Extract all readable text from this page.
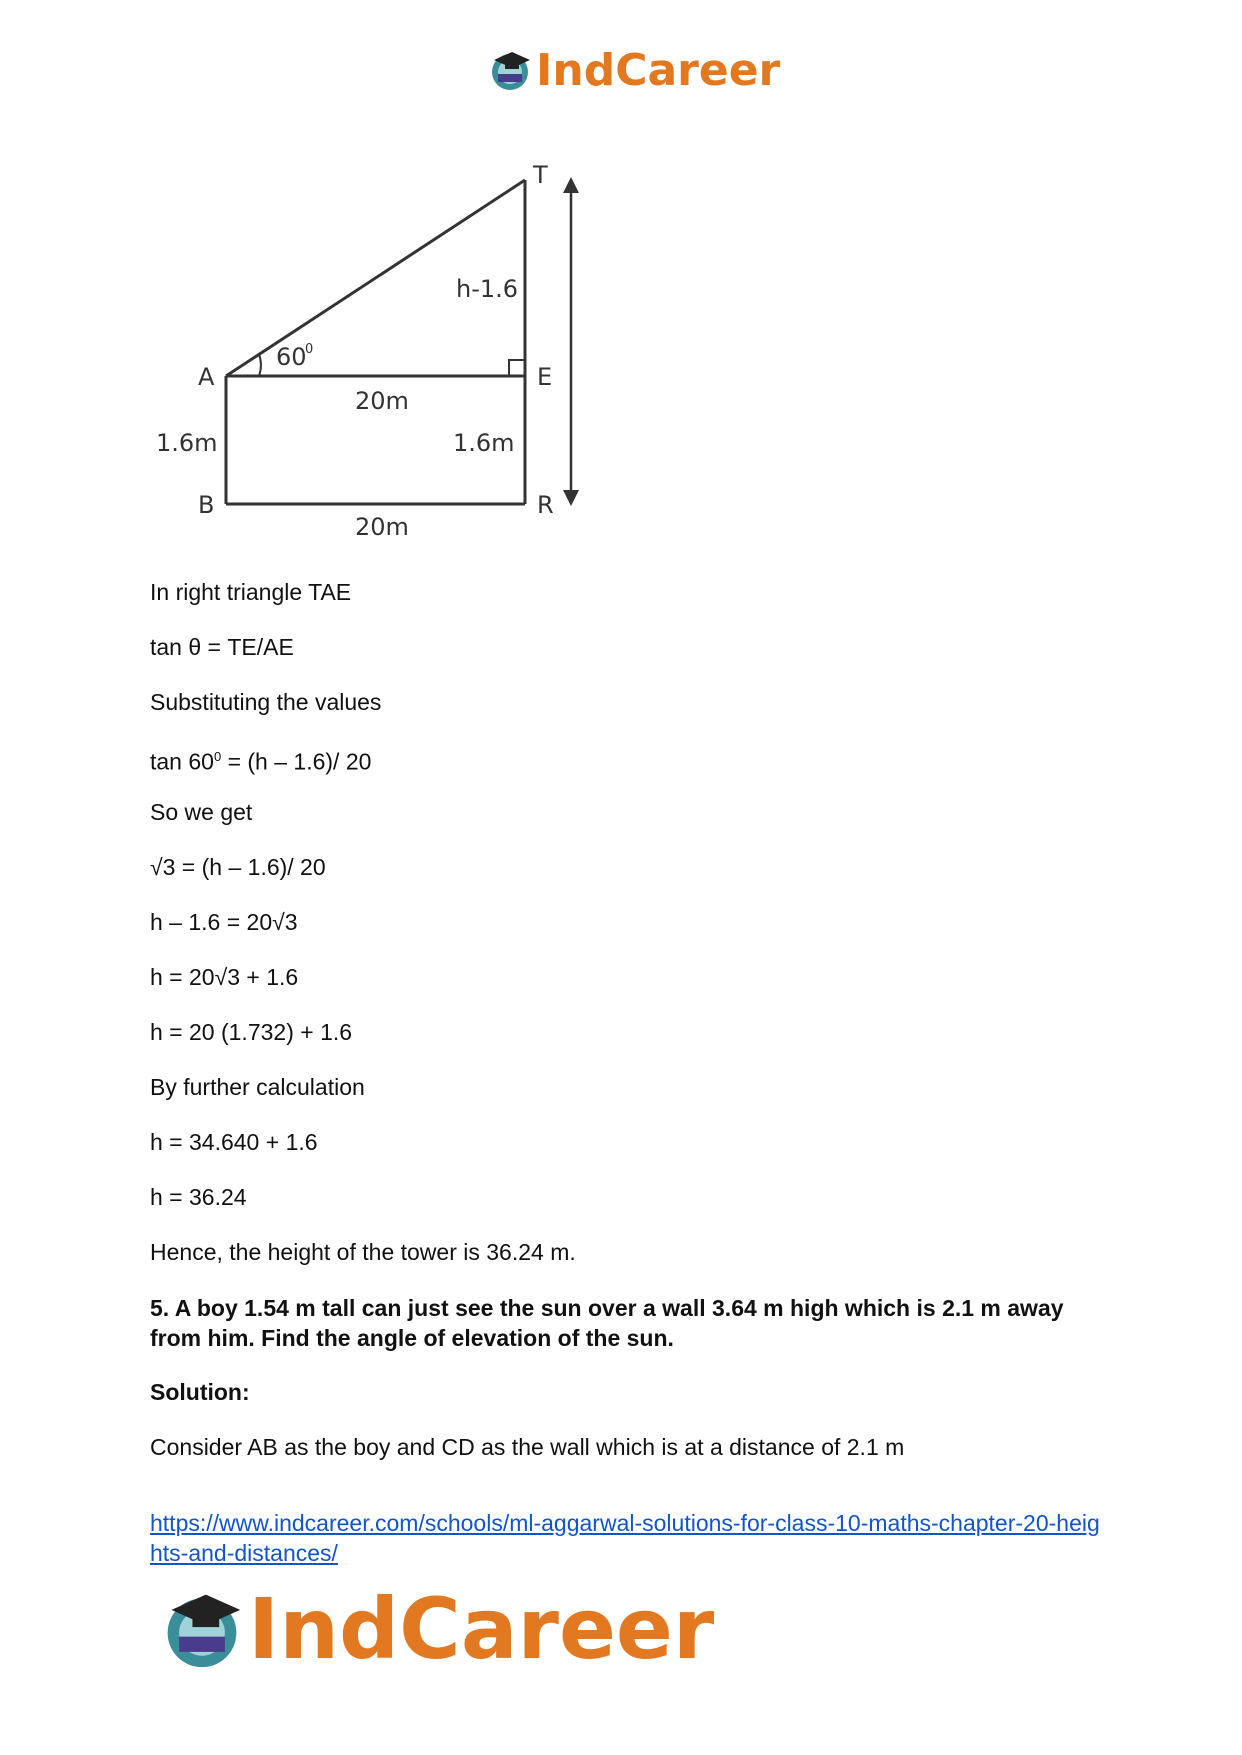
IndCareer
T
A	E
B	R
60
0
h-1.6
20m
1.6m	1.6m
20m
In right triangle TAE
tan θ = TE/AE
Substituting the values
$\tan 60^0 = (h - 1.6)/$ 20
So we get
√3 = (h – 1.6)/ 20
h – 1.6 = 20√3
h = 20√3 + 1.6
h = 20 (1.732) + 1.6
By further calculation
h = 34.640 + 1.6
h = 36.24
Hence, the height of the tower is 36.24 m.
5. A boy 1.54 m tall can just see the sun over a wall 3.64 m high which is 2.1 m away from him. Find the angle of elevation of the sun.
Solution:
Consider AB as the boy and CD as the wall which is at a distance of 2.1 m
https://www.indcareer.com/schools/ml-aggarwal-solutions-for-class-10-maths-chapter-20-heights-and-distances/
IndCareer
